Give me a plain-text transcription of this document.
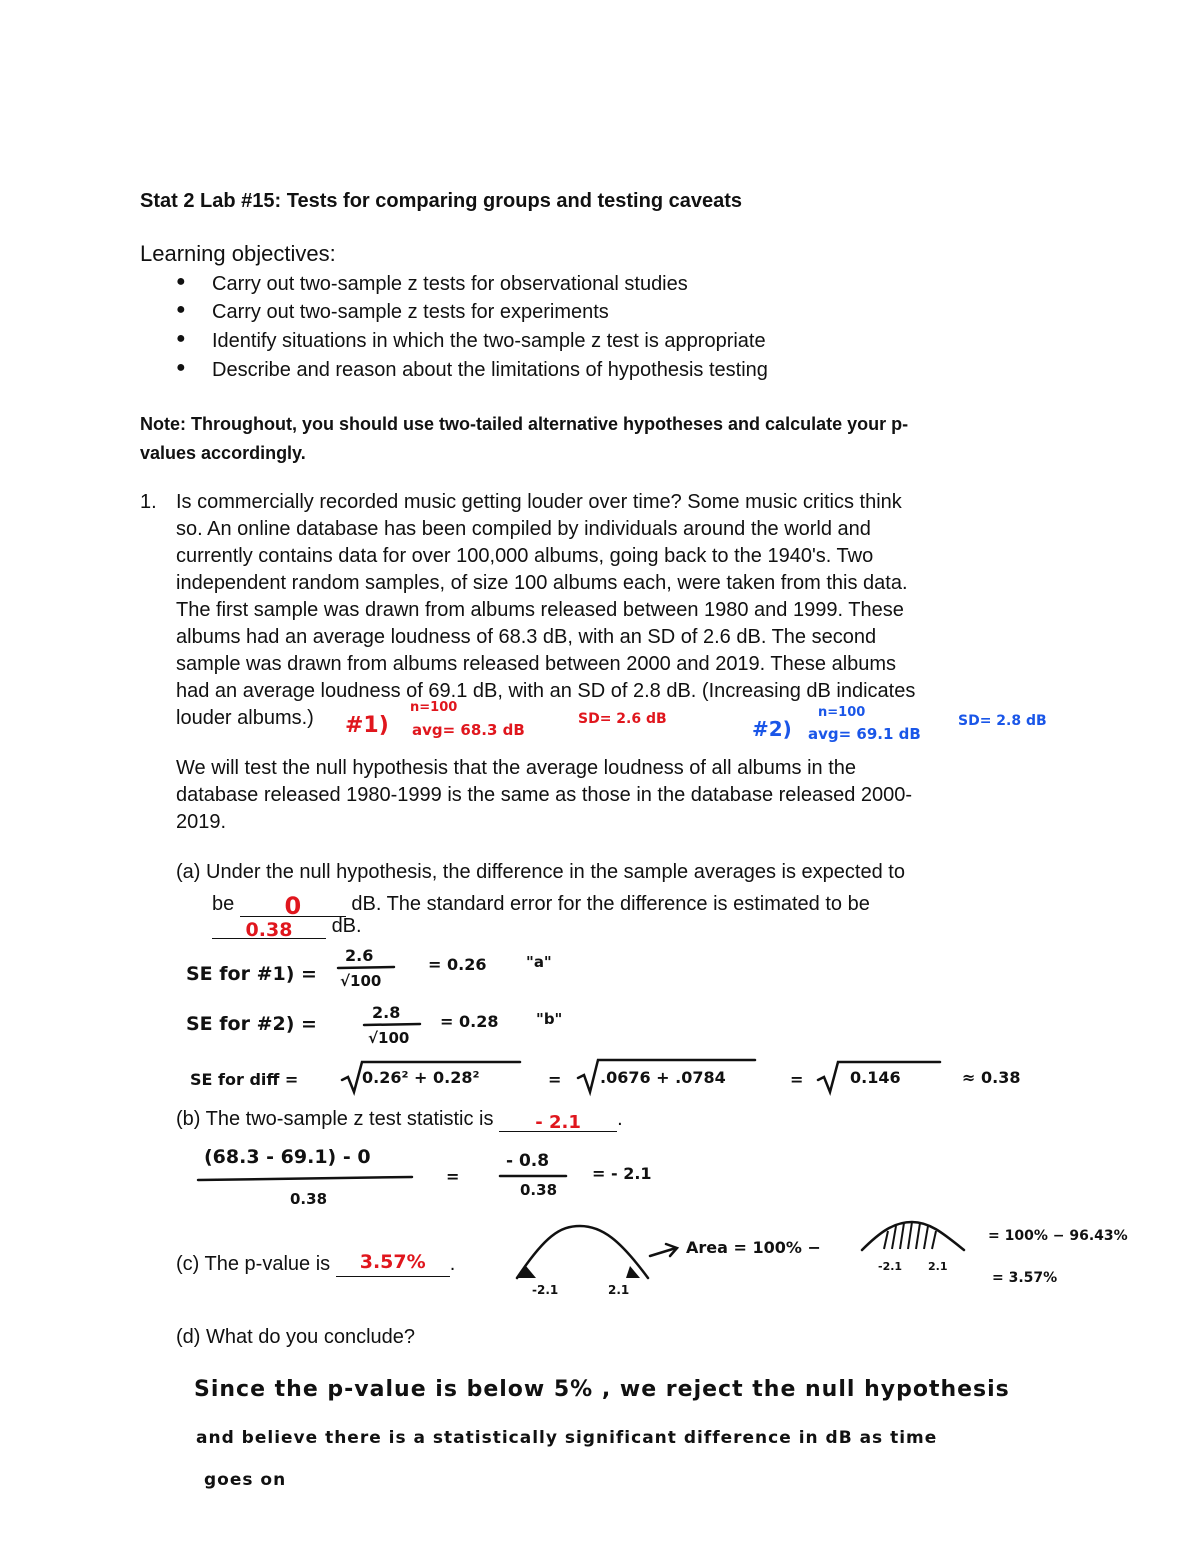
Stat 2 Lab #15: Tests for comparing groups and testing caveats
Learning objectives:
● Carry out two-sample z tests for observational studies
● Carry out two-sample z tests for experiments
● Identify situations in which the two-sample z test is appropriate
● Describe and reason about the limitations of hypothesis testing
Note: Throughout, you should use two-tailed alternative hypotheses and calculate your p-
values accordingly.
1. Is commercially recorded music getting louder over time? Some music critics think
so. An online database has been compiled by individuals around the world and
currently contains data for over 100,000 albums, going back to the 1940's. Two
independent random samples, of size 100 albums each, were taken from this data.
The first sample was drawn from albums released between 1980 and 1999. These
albums had an average loudness of 68.3 dB, with an SD of 2.6 dB. The second
sample was drawn from albums released between 2000 and 2019. These albums
had an average loudness of 69.1 dB, with an SD of 2.8 dB. (Increasing dB indicates
louder albums.) #1)
n=100
avg= 68.3 dB
SD= 2.6 dB	#2)
n=100
avg= 69.1 dB
SD= 2.8 dB
We will test the null hypothesis that the average loudness of all albums in the
database released 1980-1999 is the same as those in the database released 2000-
2019.
(a) Under the null hypothesis, the difference in the sample averages is expected to
be 0	dB. The standard error for the difference is estimated to be
0.38 dB.
SE for #1) =
2.6
√100
= 0.26	"a"
SE for #2) =
2.8
√100
= 0.28	"b"
SE for diff =	0.26² + 0.28²	= .0676 + .0784	=	0.146	≈ 0.38
(b) The two-sample z test statistic is - 2.1 .
(68.3 - 69.1) - 0
0.38
=
- 0.8
0.38
= - 2.1
(c) The p-value is 3.57% .
-2.1	2.1
Area = 100% −
-2.1 2.1
= 100% − 96.43%
= 3.57%
(d) What do you conclude?
Since the p-value is below 5% , we reject the null hypothesis
and believe there is a statistically significant difference in dB as time
goes on
